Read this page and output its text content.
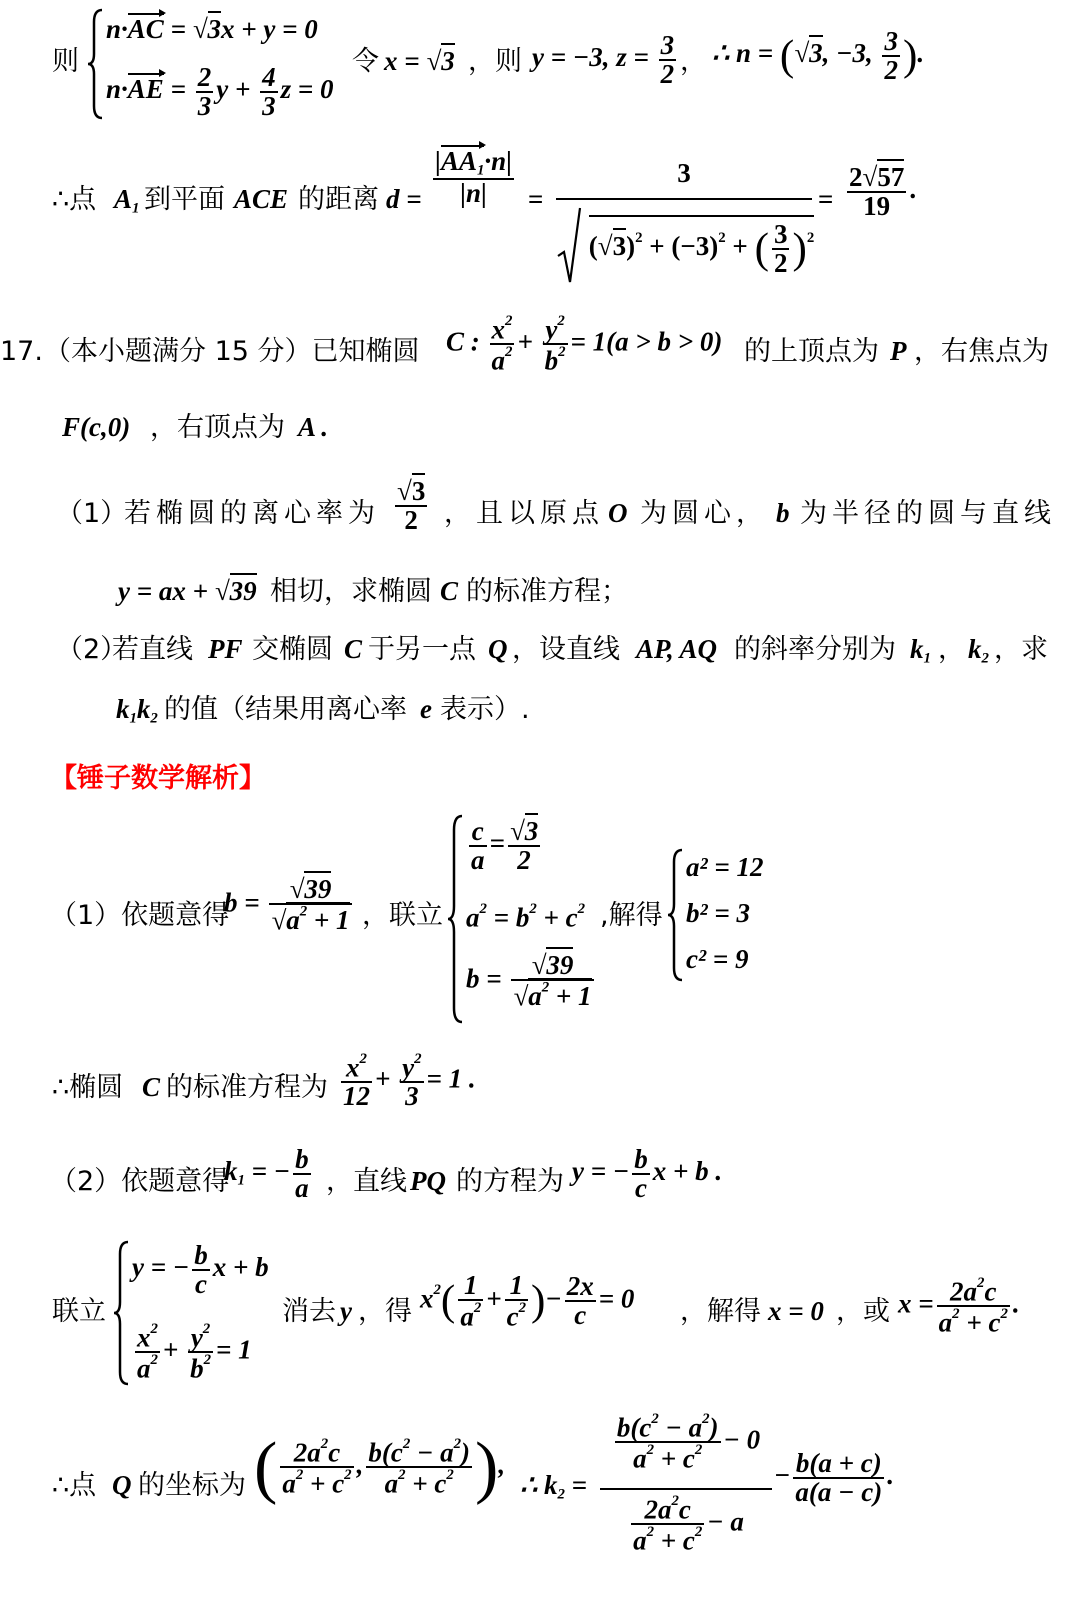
则
n·AC = √3x + y = 0
$n\cdot AE = \frac{2}{3}$ $y + \frac{4}{3}$ z = 0
令 x = √3 ，则 y = −3, $z = \frac{3}{2}$ ， ∴ n = (√3, −3, $\frac{3}{2}$ ).
∴点 $A_1$ 到平面 ACE 的距离 $d = \frac{|AA_1\cdot n|}{|n|}$ =
3
$(√3)^2 + (-3)^2$ + ( $\frac{3}{2} )^2$
= $\frac{2√57}{19}$ .
17. （本小题满分 15 分）已知椭圆 C : $\frac{x^2}{a^2} + \frac{y^2}{b^2} = 1(a > b > 0)$ 的上顶点为 P ，右焦点为
F(c,0) ，右顶点为 A .
（1）
若椭圆的离心率为 $\frac{√3}{2}$ ，且以原点 O 为圆心， b 为半径的圆与直线
y = ax + √39 相切，求椭圆 C 的标准方程；
（2）
若直线 PF 交椭圆 C 于另一点 Q ，设直线 AP, AQ 的斜率分别为 $k_1$ ， $k_2$ ，求
$k_1k_2$ 的值（结果用离心率 e 表示）.
【锤子数学解析】
（1）依题意得
$b = \frac{√39}{√a^2 + 1}$ ，联立
$\frac{c}{a} = \frac{√3}{2}$
$a^2 = b^2 + c^2$
$b = \frac{√39}{√a^2 + 1}$
,解得
a² = 12
b² = 3
c² = 9
∴椭圆 C 的标准方程为 $\frac{x^2}{12} + \frac{y^2}{3} = 1$ .
（2）依题意得
$k_1$ = − $\frac{b}{a}$ ，直线 PQ 的方程为 y = − $\frac{b}{c}$ x + b .
联立
y = − $\frac{b}{c}$ x + b
$\frac{x^2}{a^2} + \frac{y^2}{b^2} = 1$
消去 y ，得 $x^2( \frac{1}{a^2} + \frac{1}{c^2}$ )− $\frac{2x}{c} = 0$ ，解得 x = 0 ，或 $x = \frac{2a^2c}{a^2 + c^2}$ .
∴点 Q 的坐标为 ( $\frac{2a^2c}{a^2 + c^2}$ , $\frac{b(c^2 - a^2)}{a^2 + c^2}$ ),
∴ $k_2$ =
$\frac{b(c^2 - a^2)}{a^2 + c^2} - 0$
$\frac{2a^2c}{a^2 + c^2} - a$
− $\frac{b(a + c)}{a(a - c)}$ .
